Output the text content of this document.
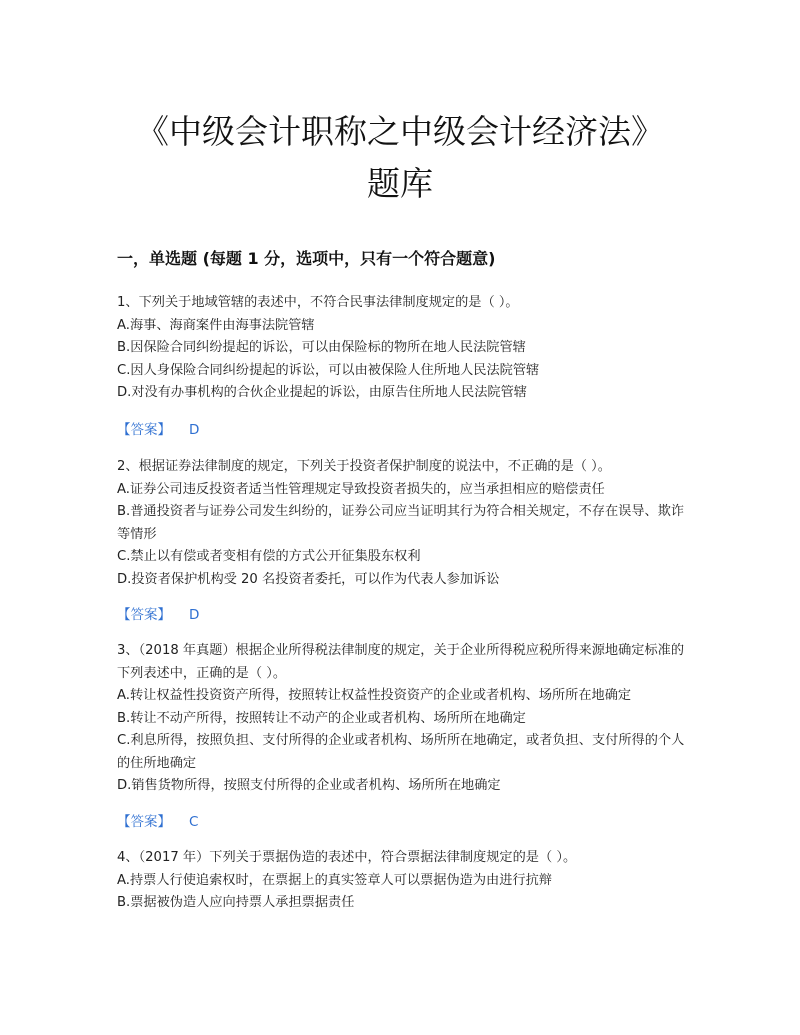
《中级会计职称之中级会计经济法》
题库
一，单选题 (每题 1 分，选项中，只有一个符合题意)
1、下列关于地域管辖的表述中，不符合民事法律制度规定的是（ ）。
A.海事、海商案件由海事法院管辖
B.因保险合同纠纷提起的诉讼，可以由保险标的物所在地人民法院管辖
C.因人身保险合同纠纷提起的诉讼，可以由被保险人住所地人民法院管辖
D.对没有办事机构的合伙企业提起的诉讼，由原告住所地人民法院管辖
【答案】 D
2、根据证券法律制度的规定，下列关于投资者保护制度的说法中，不正确的是（ ）。
A.证券公司违反投资者适当性管理规定导致投资者损失的，应当承担相应的赔偿责任
B.普通投资者与证券公司发生纠纷的，证券公司应当证明其行为符合相关规定，不存在误导、欺诈等情形
C.禁止以有偿或者变相有偿的方式公开征集股东权利
D.投资者保护机构受 20 名投资者委托，可以作为代表人参加诉讼
【答案】 D
3、（2018 年真题）根据企业所得税法律制度的规定，关于企业所得税应税所得来源地确定标准的下列表述中，正确的是（ ）。
A.转让权益性投资资产所得，按照转让权益性投资资产的企业或者机构、场所所在地确定
B.转让不动产所得，按照转让不动产的企业或者机构、场所所在地确定
C.利息所得，按照负担、支付所得的企业或者机构、场所所在地确定，或者负担、支付所得的个人的住所地确定
D.销售货物所得，按照支付所得的企业或者机构、场所所在地确定
【答案】 C
4、（2017 年）下列关于票据伪造的表述中，符合票据法律制度规定的是（ ）。
A.持票人行使追索权时，在票据上的真实签章人可以票据伪造为由进行抗辩
B.票据被伪造人应向持票人承担票据责任
